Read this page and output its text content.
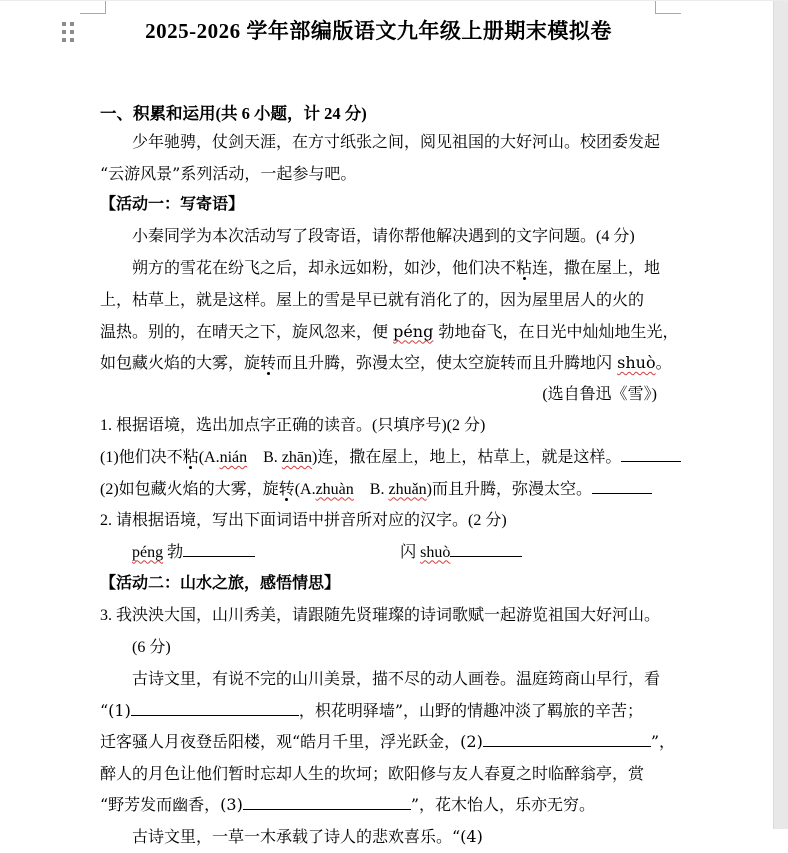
2025-2026 学年部编版语文九年级上册期末模拟卷
一、积累和运用(共 6 小题，计 24 分)
少年驰骋，仗剑天涯，在方寸纸张之间，阅见祖国的大好河山。校团委发起
“云游风景”系列活动，一起参与吧。
【活动一：写寄语】
小秦同学为本次活动写了段寄语，请你帮他解决遇到的文字问题。(4 分)
朔方的雪花在纷飞之后，却永远如粉，如沙，他们决不粘连，撒在屋上，地
上，枯草上，就是这样。屋上的雪是早已就有消化了的，因为屋里居人的火的
温热。别的，在晴天之下，旋风忽来，便 péng 勃地奋飞，在日光中灿灿地生光，
如包藏火焰的大雾，旋转而且升腾，弥漫太空，使太空旋转而且升腾地闪 shuò。
(选自鲁迅《雪》)
1. 根据语境，选出加点字正确的读音。(只填序号)(2 分)
(1)他们决不粘(A.nián　B. zhān)连，撒在屋上，地上，枯草上，就是这样。
(2)如包藏火焰的大雾，旋转(A.zhuàn　B. zhuǎn)而且升腾，弥漫太空。
2. 请根据语境，写出下面词语中拼音所对应的汉字。(2 分)
péng 勃	闪 shuò
【活动二：山水之旅，感悟情思】
3. 我泱泱大国，山川秀美，请跟随先贤璀璨的诗词歌赋一起游览祖国大好河山。
(6 分)
古诗文里，有说不完的山川美景，描不尽的动人画卷。温庭筠商山早行，看
“(1)	，枳花明驿墙”，山野的情趣冲淡了羁旅的辛苦；
迁客骚人月夜登岳阳楼，观“皓月千里，浮光跃金，(2)	”，
醉人的月色让他们暂时忘却人生的坎坷；欧阳修与友人春夏之时临醉翁亭，赏
“野芳发而幽香，(3)	”，花木怡人，乐亦无穷。
古诗文里，一草一木承载了诗人的悲欢喜乐。“(4)
